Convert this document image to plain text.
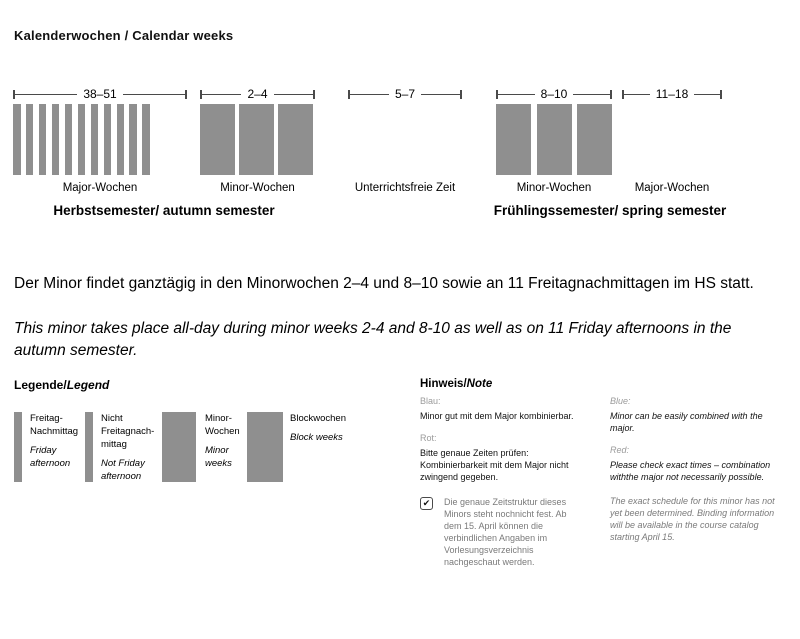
Kalenderwochen / Calendar weeks
38–51
Major-Wochen
2–4
Minor-Wochen
5–7
Unterrichtsfreie Zeit
8–10
Minor-Wochen
11–18
Major-Wochen
Herbstsemester/ autumn semester	Frühlingssemester/ spring semester
Der Minor findet ganztägig in den Minorwochen 2–4 und 8–10 sowie an 11 Freitagnachmittagen im HS statt.
This minor takes place all-day during minor weeks 2-4 and 8-10 as well as on 11 Friday afternoons in the autumn semester.
Legende/Legend

Freitag-Nachmittag

Friday afternoon

Nicht Freitagnach-mittag

Not Friday afternoon

Minor-Wochen

Minor weeks

Blockwochen

Block weeks

Hinweis/Note

Blau:

Minor gut mit dem Major kombinierbar.

Rot:

Bitte genaue Zeiten prüfen: Kombinierbarkeit mit dem Major nicht zwingend gegeben.

✔	Die genaue Zeitstruktur dieses Minors steht nochnicht fest. Ab dem 15. April können die verbindlichen Angaben im Vorlesungsverzeichnis nachgeschaut werden.

Blue:

Minor can be easily combined with the major.

Red:

Please check exact times – combination withthe major not necessarily possible.

The exact schedule for this minor has not yet been determined. Binding information will be available in the course catalog starting April 15.
